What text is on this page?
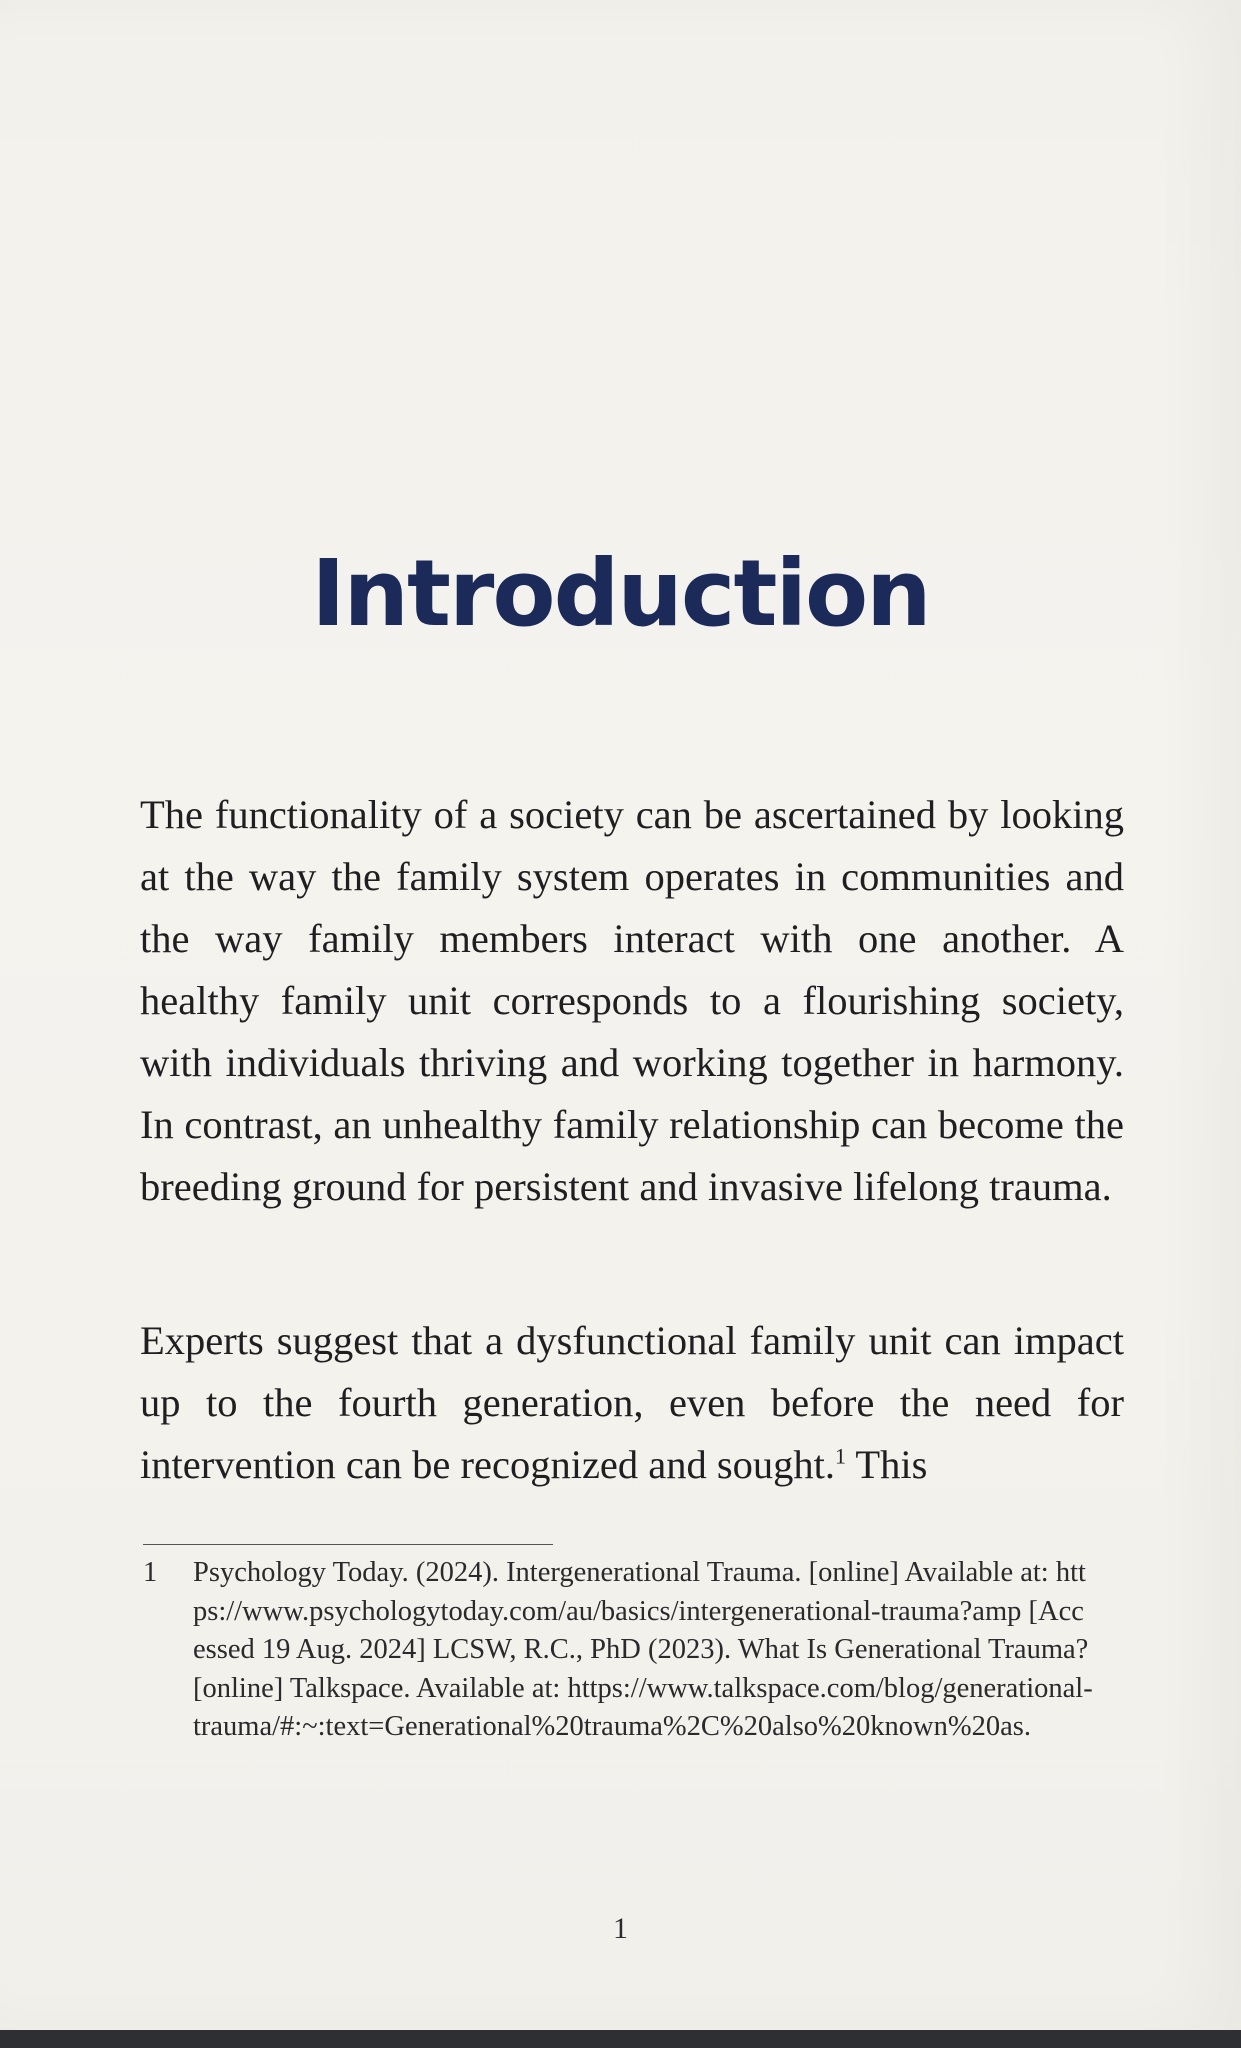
Introduction

The functionality of a society can be ascertained by looking at the way the family system operates in communities and the way family members interact with one another. A healthy family unit corresponds to a flourishing society, with individuals thriving and working together in harmony. In contrast, an unhealthy family relationship can become the breeding ground for persistent and invasive lifelong trauma.

Experts suggest that a dysfunctional family unit can impact up to the fourth generation, even before the need for intervention can be recognized and sought.$^1$ This

1 Psychology Today. (2024). Intergenerational Trauma. [online] Available at: https://www.psychologytoday.com/au/basics/intergenerational-trauma?amp [Accessed 19 Aug. 2024] LCSW, R.C., PhD (2023). What Is Generational Trauma? [online] Talkspace. Available at: https://www.talkspace.com/blog/generational-trauma/#:~:text=Generational%20trauma%2C%20also%20known%20as.
1
